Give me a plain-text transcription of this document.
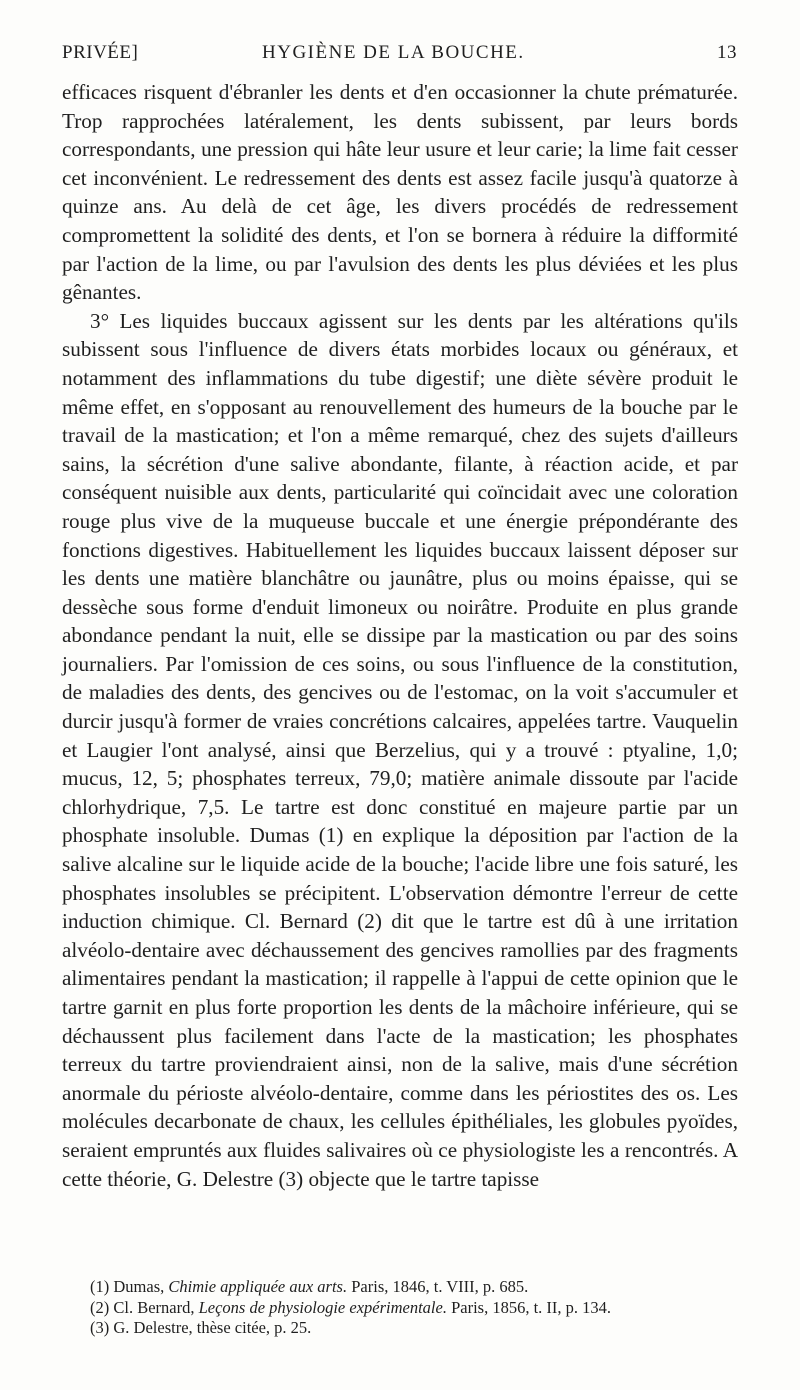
PRIVÉE]	HYGIÈNE DE LA BOUCHE.	13

efficaces risquent d'ébranler les dents et d'en occasionner la chute prématurée. Trop rapprochées latéralement, les dents subissent, par leurs bords correspondants, une pression qui hâte leur usure et leur carie; la lime fait cesser cet inconvénient. Le redressement des dents est assez facile jusqu'à quatorze à quinze ans. Au delà de cet âge, les divers procédés de redressement compromettent la solidité des dents, et l'on se bornera à réduire la difformité par l'action de la lime, ou par l'avulsion des dents les plus déviées et les plus gênantes.

3° Les liquides buccaux agissent sur les dents par les altérations qu'ils subissent sous l'influence de divers états morbides locaux ou généraux, et notamment des inflammations du tube digestif; une diète sévère produit le même effet, en s'opposant au renouvellement des humeurs de la bouche par le travail de la mastication; et l'on a même remarqué, chez des sujets d'ailleurs sains, la sécrétion d'une salive abondante, filante, à réaction acide, et par conséquent nuisible aux dents, particularité qui coïncidait avec une coloration rouge plus vive de la muqueuse buccale et une énergie prépondérante des fonctions digestives. Habituellement les liquides buccaux laissent déposer sur les dents une matière blanchâtre ou jaunâtre, plus ou moins épaisse, qui se dessèche sous forme d'enduit limoneux ou noirâtre. Produite en plus grande abondance pendant la nuit, elle se dissipe par la mastication ou par des soins journaliers. Par l'omission de ces soins, ou sous l'influence de la constitution, de maladies des dents, des gencives ou de l'estomac, on la voit s'accumuler et durcir jusqu'à former de vraies concrétions calcaires, appelées tartre. Vauquelin et Laugier l'ont analysé, ainsi que Berzelius, qui y a trouvé : ptyaline, 1,0; mucus, 12, 5; phosphates terreux, 79,0; matière animale dissoute par l'acide chlorhydrique, 7,5. Le tartre est donc constitué en majeure partie par un phosphate insoluble. Dumas (1) en explique la déposition par l'action de la salive alcaline sur le liquide acide de la bouche; l'acide libre une fois saturé, les phosphates insolubles se précipitent. L'observation démontre l'erreur de cette induction chimique. Cl. Bernard (2) dit que le tartre est dû à une irritation alvéolo-dentaire avec déchaussement des gencives ramollies par des fragments alimentaires pendant la mastication; il rappelle à l'appui de cette opinion que le tartre garnit en plus forte proportion les dents de la mâchoire inférieure, qui se déchaussent plus facilement dans l'acte de la mastication; les phosphates terreux du tartre proviendraient ainsi, non de la salive, mais d'une sécrétion anormale du périoste alvéolo-dentaire, comme dans les périostites des os. Les molécules decarbonate de chaux, les cellules épithéliales, les globules pyoïdes, seraient empruntés aux fluides salivaires où ce physiologiste les a rencontrés. A cette théorie, G. Delestre (3) objecte que le tartre tapisse

(1) Dumas, Chimie appliquée aux arts. Paris, 1846, t. VIII, p. 685.
(2) Cl. Bernard, Leçons de physiologie expérimentale. Paris, 1856, t. II, p. 134.
(3) G. Delestre, thèse citée, p. 25.
